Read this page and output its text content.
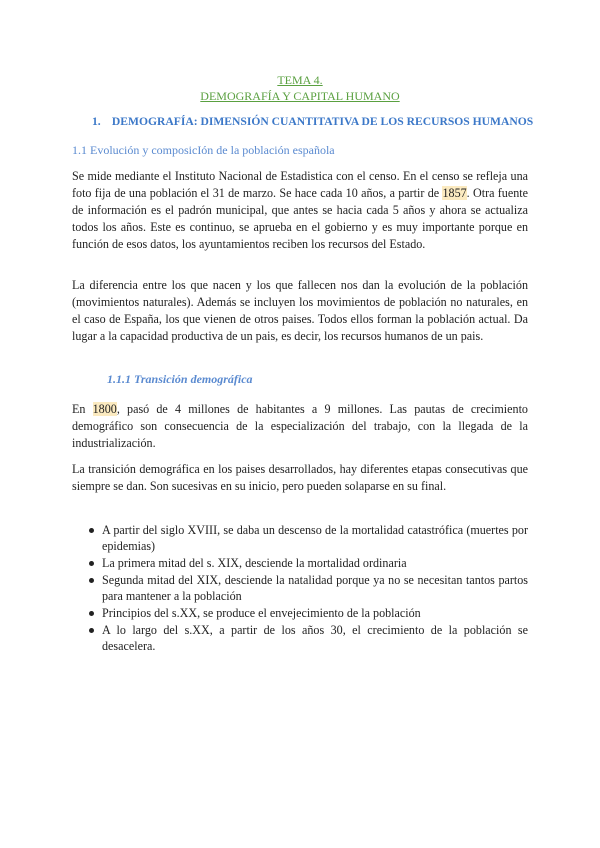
TEMA 4.
DEMOGRAFÍA Y CAPITAL HUMANO
1. DEMOGRAFÍA: DIMENSIÓN CUANTITATIVA DE LOS RECURSOS HUMANOS
1.1 Evolución y composicIón de la población española
Se mide mediante el Instituto Nacional de Estadistica con el censo. En el censo se refleja una foto fija de una población el 31 de marzo. Se hace cada 10 años, a partir de 1857. Otra fuente de información es el padrón municipal, que antes se hacia cada 5 años y ahora se actualiza todos los años. Este es continuo, se aprueba en el gobierno y es muy importante porque en función de esos datos, los ayuntamientos reciben los recursos del Estado.
La diferencia entre los que nacen y los que fallecen nos dan la evolución de la población (movimientos naturales). Además se incluyen los movimientos de población no naturales, en el caso de España, los que vienen de otros paises. Todos ellos forman la población actual. Da lugar a la capacidad productiva de un pais, es decir, los recursos humanos de un pais.
1.1.1 Transición demográfica
En 1800, pasó de 4 millones de habitantes a 9 millones. Las pautas de crecimiento demográfico son consecuencia de la especialización del trabajo, con la llegada de la industrialización.
La transición demográfica en los paises desarrollados, hay diferentes etapas consecutivas que siempre se dan. Son sucesivas en su inicio, pero pueden solaparse en su final.
A partir del siglo XVIII, se daba un descenso de la mortalidad catastrófica (muertes por epidemias)
La primera mitad del s. XIX, desciende la mortalidad ordinaria
Segunda mitad del XIX, desciende la natalidad porque ya no se necesitan tantos partos para mantener a la población
Principios del s.XX, se produce el envejecimiento de la población
A lo largo del s.XX, a partir de los años 30, el crecimiento de la población se desacelera.
